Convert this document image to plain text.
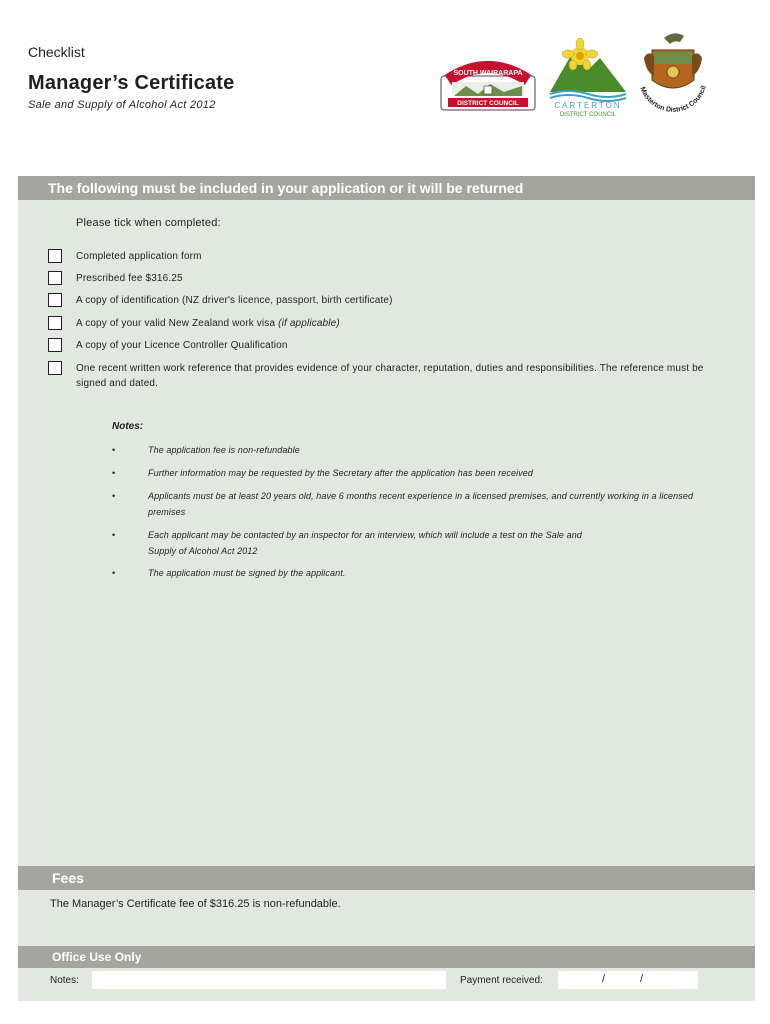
Checklist
Manager’s Certificate
Sale and Supply of Alcohol Act 2012
SOUTH WAIRARAPA
DISTRICT COUNCIL	CARTERTON
DISTRICT COUNCIL
Masterton District Council
The following must be included in your application or it will be returned
Please tick when completed:
Completed application form
Prescribed fee $316.25
A copy of identification (NZ driver's licence, passport, birth certificate)
A copy of your valid New Zealand work visa (if applicable)
A copy of your Licence Controller Qualification
One recent written work reference that provides evidence of your character, reputation, duties and responsibilities. The reference must be signed and dated.
Notes:
•	The application fee is non-refundable
•	Further information may be requested by the Secretary after the application has been received
•	Applicants must be at least 20 years old, have 6 months recent experience in a licensed premises, and currently working in a licensed premises
•	Each applicant may be contacted by an inspector for an interview, which will include a test on the Sale and Supply of Alcohol Act 2012
•	The application must be signed by the applicant.
Fees
The Manager’s Certificate fee of $316.25 is non-refundable.
Office Use Only
Notes:	Payment received:	/	/
